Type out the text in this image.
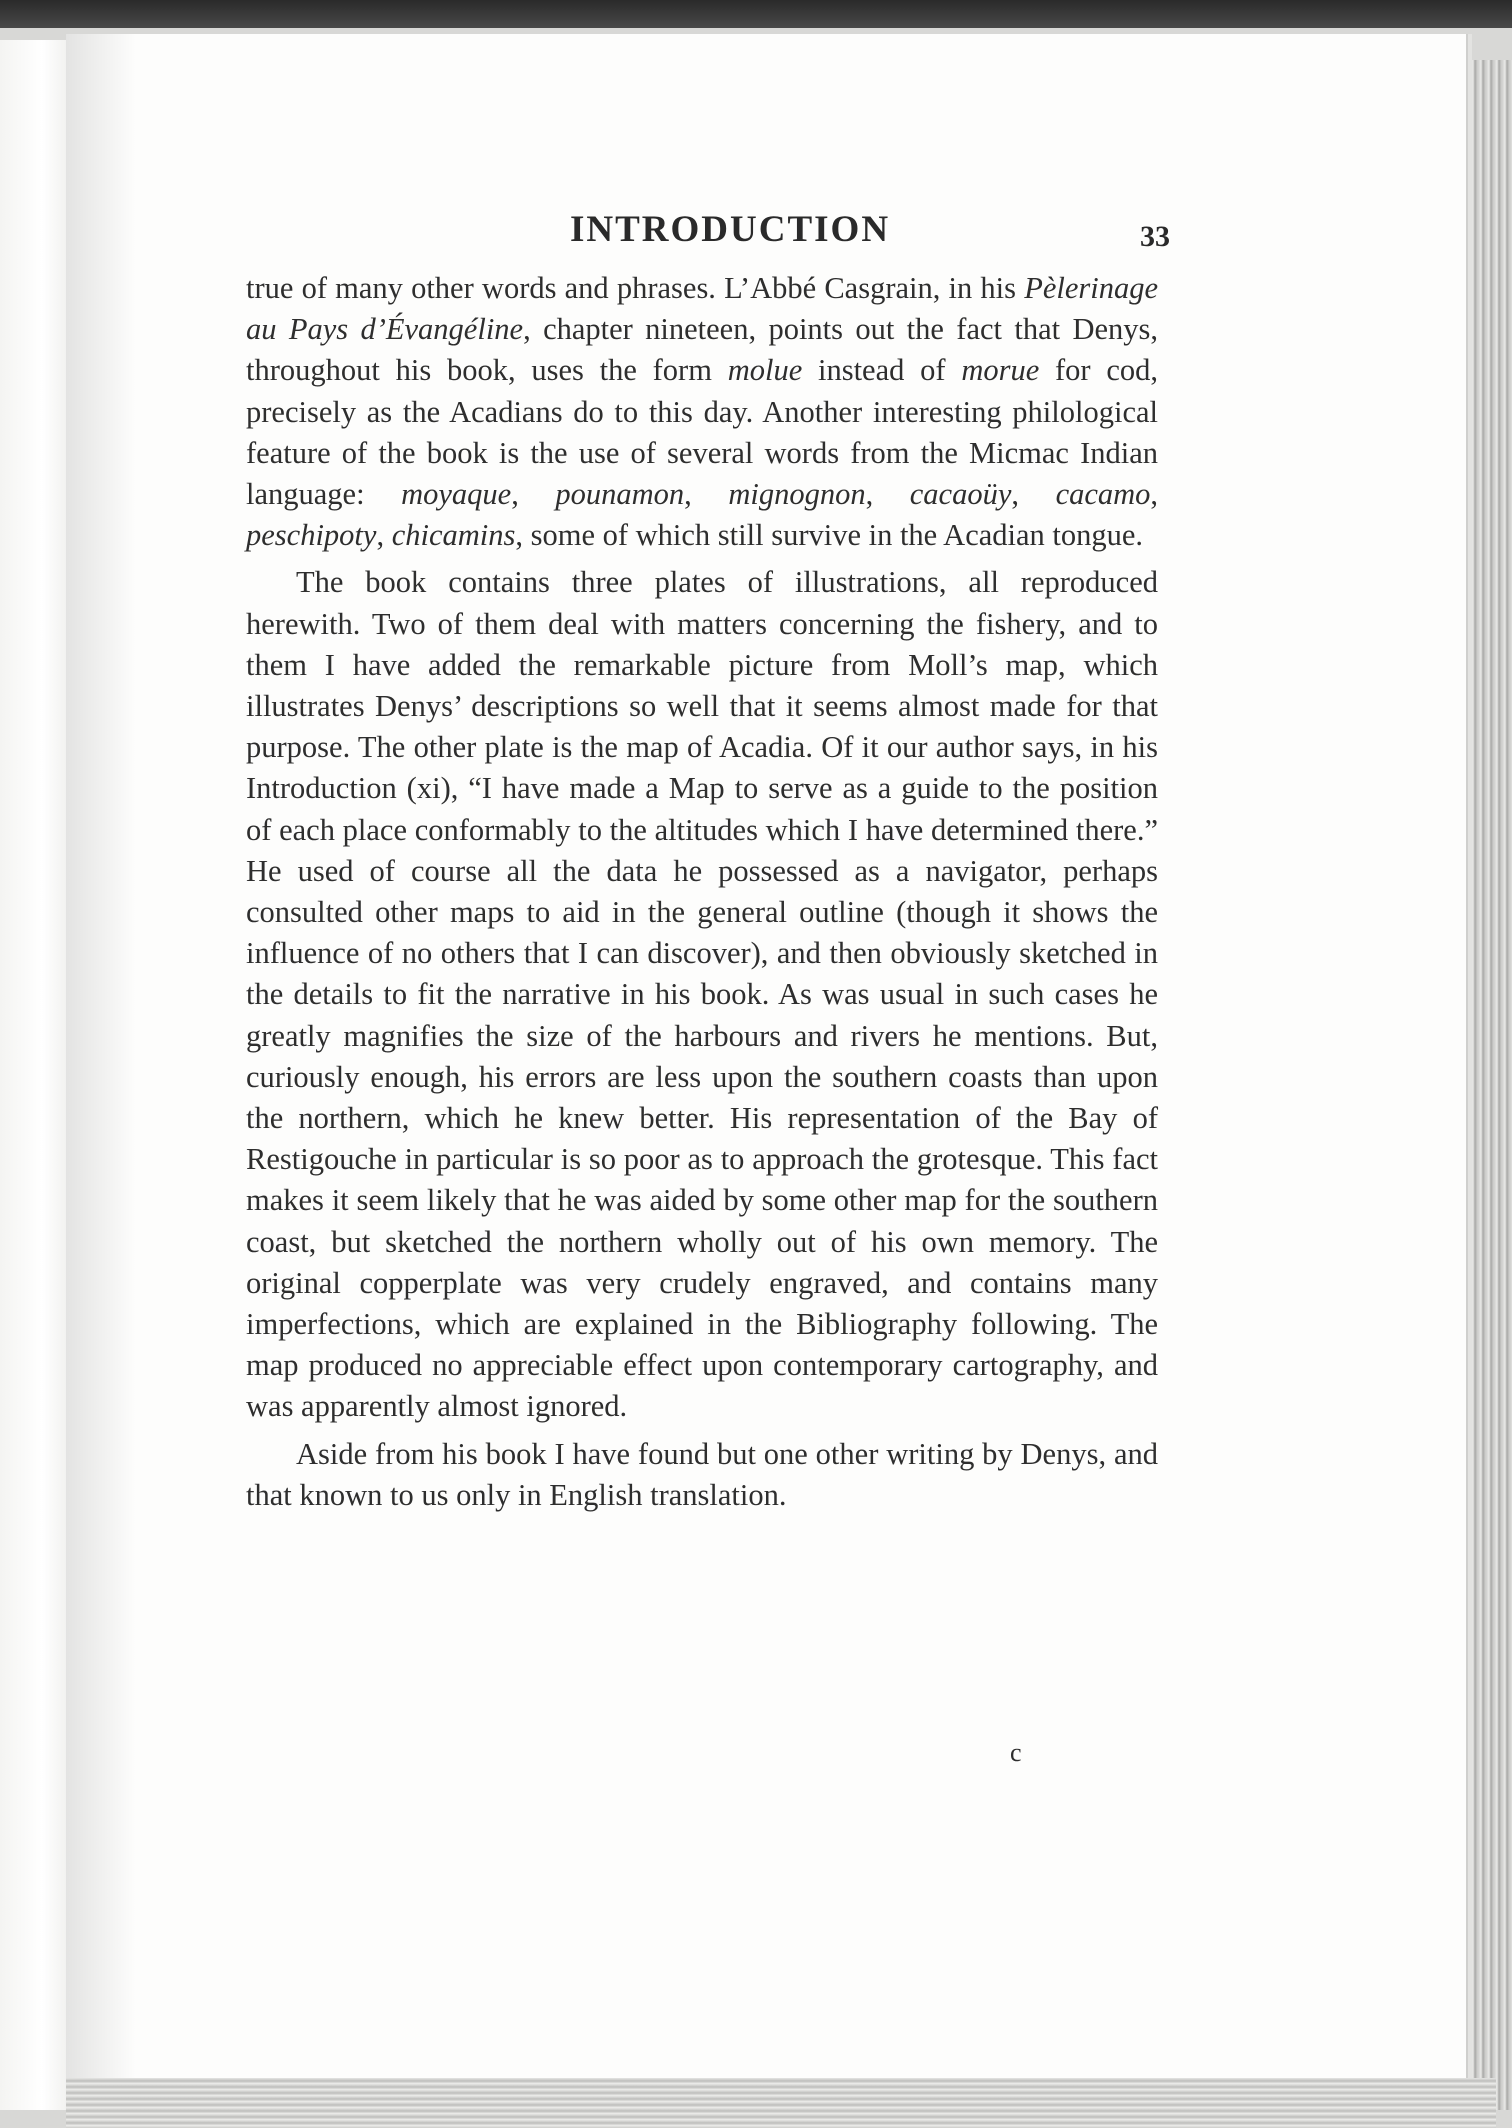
INTRODUCTION	33

true of many other words and phrases. L’Abbé Casgrain, in his Pèlerinage au Pays d’Évangéline, chapter nineteen, points out the fact that Denys, throughout his book, uses the form molue instead of morue for cod, precisely as the Acadians do to this day. Another interesting philological feature of the book is the use of several words from the Micmac Indian language: moyaque, pounamon, mignognon, cacaoüy, cacamo, peschipoty, chicamins, some of which still survive in the Acadian tongue.

The book contains three plates of illustrations, all reproduced herewith. Two of them deal with matters concerning the fishery, and to them I have added the remarkable picture from Moll’s map, which illustrates Denys’ descriptions so well that it seems almost made for that purpose. The other plate is the map of Acadia. Of it our author says, in his Introduction (xi), “I have made a Map to serve as a guide to the position of each place conformably to the altitudes which I have determined there.” He used of course all the data he possessed as a navigator, perhaps consulted other maps to aid in the general outline (though it shows the influence of no others that I can discover), and then obviously sketched in the details to fit the narrative in his book. As was usual in such cases he greatly magnifies the size of the harbours and rivers he mentions. But, curiously enough, his errors are less upon the southern coasts than upon the northern, which he knew better. His representation of the Bay of Restigouche in particular is so poor as to approach the grotesque. This fact makes it seem likely that he was aided by some other map for the southern coast, but sketched the northern wholly out of his own memory. The original copperplate was very crudely engraved, and contains many imperfections, which are explained in the Bibliography following. The map produced no appreciable effect upon contemporary cartography, and was apparently almost ignored.

Aside from his book I have found but one other writing by Denys, and that known to us only in English translation.

c
